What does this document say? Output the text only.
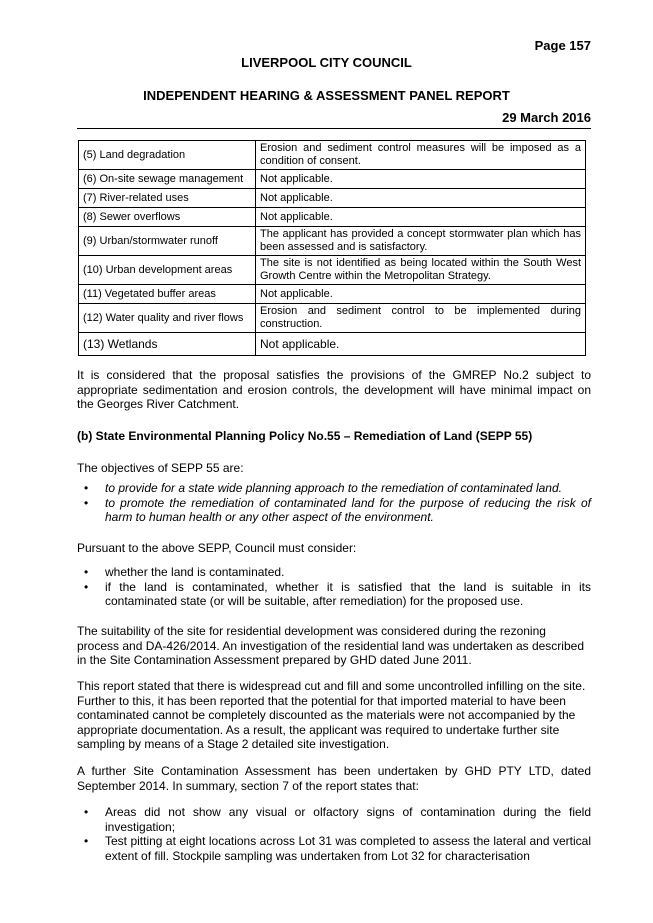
Page 157
LIVERPOOL CITY COUNCIL
INDEPENDENT HEARING & ASSESSMENT PANEL REPORT
29 March 2016
(5) Land degradation	Erosion and sediment control measures will be imposed as a condition of consent.
(6) On-site sewage management	Not applicable.
(7) River-related uses	Not applicable.
(8) Sewer overflows	Not applicable.
(9) Urban/stormwater runoff	The applicant has provided a concept stormwater plan which has been assessed and is satisfactory.
(10) Urban development areas	The site is not identified as being located within the South West Growth Centre within the Metropolitan Strategy.
(11) Vegetated buffer areas	Not applicable.
(12) Water quality and river flows	Erosion and sediment control to be implemented during construction.
(13) Wetlands	Not applicable.
It is considered that the proposal satisfies the provisions of the GMREP No.2 subject to appropriate sedimentation and erosion controls, the development will have minimal impact on the Georges River Catchment.
(b) State Environmental Planning Policy No.55 – Remediation of Land (SEPP 55)
The objectives of SEPP 55 are:
• to provide for a state wide planning approach to the remediation of contaminated land.
• to promote the remediation of contaminated land for the purpose of reducing the risk of harm to human health or any other aspect of the environment.
Pursuant to the above SEPP, Council must consider:
• whether the land is contaminated.
• if the land is contaminated, whether it is satisfied that the land is suitable in its contaminated state (or will be suitable, after remediation) for the proposed use.
The suitability of the site for residential development was considered during the rezoning process and DA-426/2014. An investigation of the residential land was undertaken as described in the Site Contamination Assessment prepared by GHD dated June 2011.
This report stated that there is widespread cut and fill and some uncontrolled infilling on the site. Further to this, it has been reported that the potential for that imported material to have been contaminated cannot be completely discounted as the materials were not accompanied by the appropriate documentation. As a result, the applicant was required to undertake further site sampling by means of a Stage 2 detailed site investigation.
A further Site Contamination Assessment has been undertaken by GHD PTY LTD, dated September 2014. In summary, section 7 of the report states that:
• Areas did not show any visual or olfactory signs of contamination during the field investigation;
• Test pitting at eight locations across Lot 31 was completed to assess the lateral and vertical extent of fill. Stockpile sampling was undertaken from Lot 32 for characterisation
